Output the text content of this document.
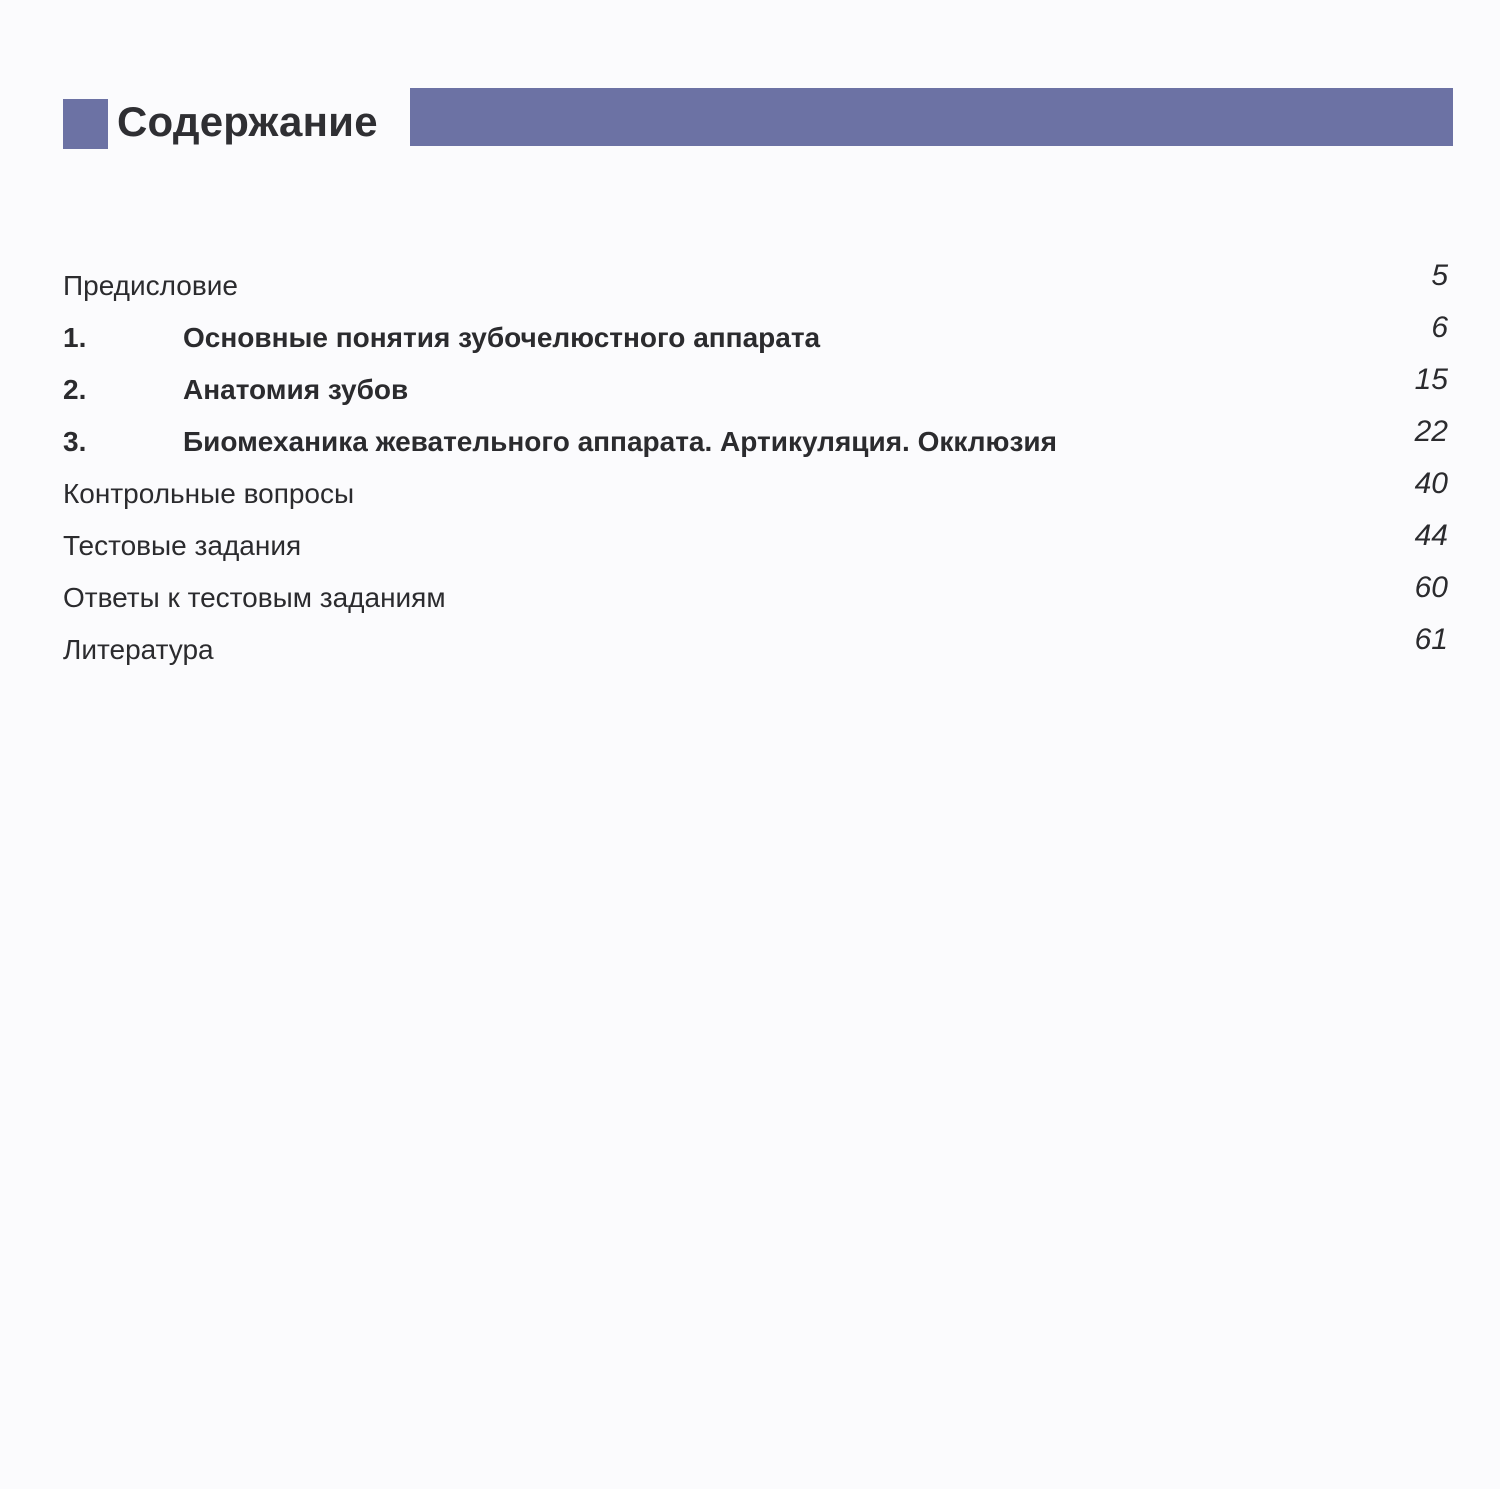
Содержание
Предисловие	5
1.	Основные понятия зубочелюстного аппарата	6
2.	Анатомия зубов	15
3.	Биомеханика жевательного аппарата. Артикуляция. Окклюзия	22
Контрольные вопросы	40
Тестовые задания	44
Ответы к тестовым заданиям	60
Литература	61
